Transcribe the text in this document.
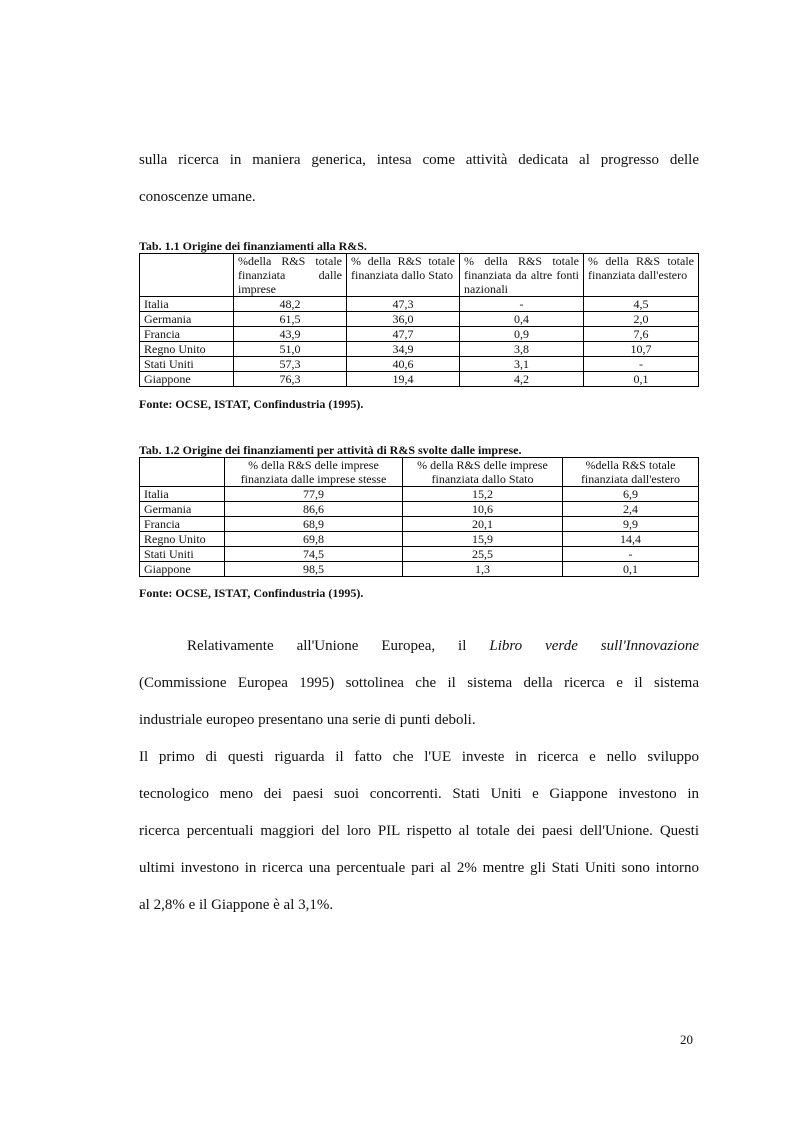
sulla ricerca in maniera generica, intesa come attività dedicata al progresso delle
conoscenze umane.

Tab. 1.1 Origine dei finanziamenti alla R&S.

	%della R&S totale finanziata dalle imprese	% della R&S totale finanziata dallo Stato	% della R&S totale finanziata da altre fonti nazionali	% della R&S totale finanziata dall'estero
Italia	48,2	47,3	-	4,5
Germania	61,5	36,0	0,4	2,0
Francia	43,9	47,7	0,9	7,6
Regno Unito	51,0	34,9	3,8	10,7
Stati Uniti	57,3	40,6	3,1	-
Giappone	76,3	19,4	4,2	0,1

Fonte: OCSE, ISTAT, Confindustria (1995).

Tab. 1.2 Origine dei finanziamenti per attività di R&S svolte dalle imprese.

	% della R&S delle imprese finanziata dalle imprese stesse	% della R&S delle imprese finanziata dallo Stato	%della R&S totale finanziata dall'estero
Italia	77,9	15,2	6,9
Germania	86,6	10,6	2,4
Francia	68,9	20,1	9,9
Regno Unito	69,8	15,9	14,4
Stati Uniti	74,5	25,5	-
Giappone	98,5	1,3	0,1

Fonte: OCSE, ISTAT, Confindustria (1995).

Relativamente all'Unione Europea, il Libro verde sull'Innovazione
(Commissione Europea 1995) sottolinea che il sistema della ricerca e il sistema
industriale europeo presentano una serie di punti deboli.

Il primo di questi riguarda il fatto che l'UE investe in ricerca e nello sviluppo
tecnologico meno dei paesi suoi concorrenti. Stati Uniti e Giappone investono in
ricerca percentuali maggiori del loro PIL rispetto al totale dei paesi dell'Unione. Questi
ultimi investono in ricerca una percentuale pari al 2% mentre gli Stati Uniti sono intorno
al 2,8% e il Giappone è al 3,1%.

20
